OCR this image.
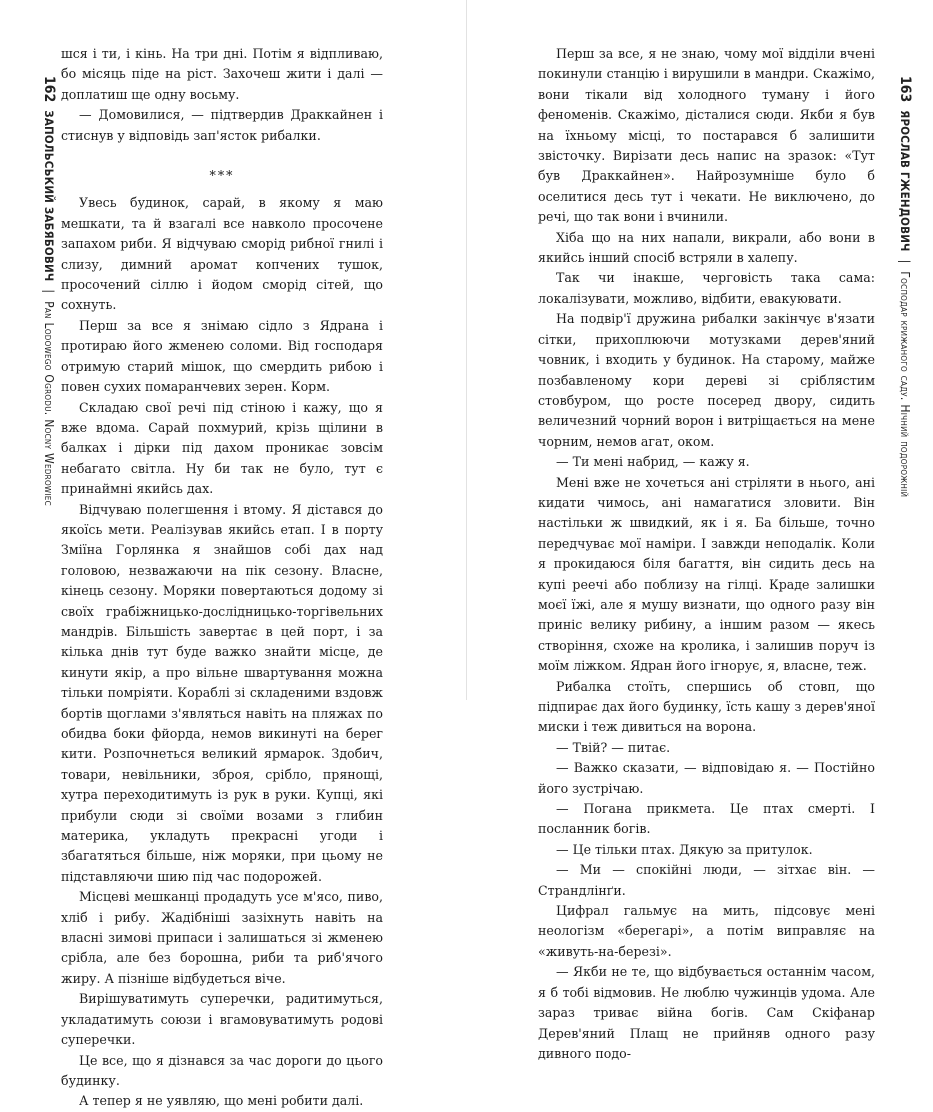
162
ЗАПОЛЬСЬКИЙ ЗАБЯБОВИЧ
|
Pan Lodowego Ogrodu. Nocny Wedrowiec

шся і ти, і кінь. На три дні. Потім я відпливаю, бо місяць піде на ріст. Захочеш жити і далі — доплатиш ще одну восьму.

— Домовилися, — підтвердив Драккайнен і стиснув у відповідь зап'ясток рибалки.

***

Увесь будинок, сарай, в якому я маю мешкати, та й взагалі все навколо просочене запахом риби. Я відчуваю сморід рибної гнилі і слизу, димний аромат копчених тушок, просочений сіллю і йодом сморід сітей, що сохнуть.

Перш за все я знімаю сідло з Ядрана і протираю його жменею соломи. Від господаря отримую старий мішок, що смердить рибою і повен сухих помаранчевих зерен. Корм.

Складаю свої речі під стіною і кажу, що я вже вдома. Сарай похмурий, крізь щілини в балках і дірки під дахом проникає зовсім небагато світла. Ну би так не було, тут є принаймні якийсь дах.

Відчуваю полегшення і втому. Я дістався до якоїсь мети. Реалізував якийсь етап. І в порту Зміїна Горлянка я знайшов собі дах над головою, незважаючи на пік сезону. Власне, кінець сезону. Моряки повертаються додому зі своїх грабіжницько-дослідницько-торгівельних мандрів. Більшість завертає в цей порт, і за кілька днів тут буде важко знайти місце, де кинути якір, а про вільне швартування можна тільки помріяти. Кораблі зі складеними вздовж бортів щоглами з'являться навіть на пляжах по обидва боки фйорда, немов викинуті на берег кити. Розпочнеться великий ярмарок. Здобич, товари, невільники, зброя, срібло, прянощі, хутра переходитимуть із рук в руки. Купці, які прибули сюди зі своїми возами з глибин материка, укладуть прекрасні угоди і збагатяться більше, ніж моряки, при цьому не підставляючи шию під час подорожей.

Місцеві мешканці продадуть усе м'ясо, пиво, хліб і рибу. Жадібніші зазіхнуть навіть на власні зимові припаси і залишаться зі жменею срібла, але без борошна, риби та риб'ячого жиру. А пізніше відбудеться віче.

Вирішуватимуть суперечки, радитимуться, укладатимуть союзи і вгамовуватимуть родові суперечки.

Це все, що я дізнався за час дороги до цього будинку.

А тепер я не уявляю, що мені робити далі.

163
ЯРОСЛАВ ГЖЕНДОВИЧ
|
Господар крижаного саду. Нічний подорожній

Перш за все, я не знаю, чому мої відділи вчені покинули станцію і вирушили в мандри. Скажімо, вони тікали від холодного туману і його феноменів. Скажімо, дісталися сюди. Якби я був на їхньому місці, то постарався б залишити звісточку. Вирізати десь напис на зразок: «Тут був Драккайнен». Найрозумніше було б оселитися десь тут і чекати. Не виключено, до речі, що так вони і вчинили.

Хіба що на них напали, викрали, або вони в якийсь інший спосіб встряли в халепу.

Так чи інакше, черговість така сама: локалізувати, можливо, відбити, евакуювати.

На подвір'ї дружина рибалки закінчує в'язати сітки, прихоплюючи мотузками дерев'яний човник, і входить у будинок. На старому, майже позбавленому кори дереві зі сріблястим стовбуром, що росте посеред двору, сидить величезний чорний ворон і витріщається на мене чорним, немов агат, оком.

— Ти мені набрид, — кажу я.

Мені вже не хочеться ані стріляти в нього, ані кидати чимось, ані намагатися зловити. Він настільки ж швидкий, як і я. Ба більше, точно передчуває мої наміри. І завжди неподалік. Коли я прокидаюся біля багаття, він сидить десь на купі реечі або поблизу на гілці. Краде залишки моєї їжі, але я мушу визнати, що одного разу він приніс велику рибину, а іншим разом — якесь створіння, схоже на кролика, і залишив поруч із моїм ліжком. Ядран його ігнорує, я, власне, теж.

Рибалка стоїть, спершись об стовп, що підпирає дах його будинку, їсть кашу з дерев'яної миски і теж дивиться на ворона.

— Твій? — питає.

— Важко сказати, — відповідаю я. — Постійно його зустрічаю.

— Погана прикмета. Це птах смерті. І посланник богів.

— Це тільки птах. Дякую за притулок.

— Ми — спокійні люди, — зітхає він. — Страндлінґи.

Цифрал гальмує на мить, підсовує мені неологізм «берегарі», а потім виправляє на «живуть-на-березі».

— Якби не те, що відбувається останнім часом, я б тобі відмовив. Не люблю чужинців удома. Але зараз триває війна богів. Сам Скіфанар Дерев'яний Плащ не прийняв одного разу дивного подо-
